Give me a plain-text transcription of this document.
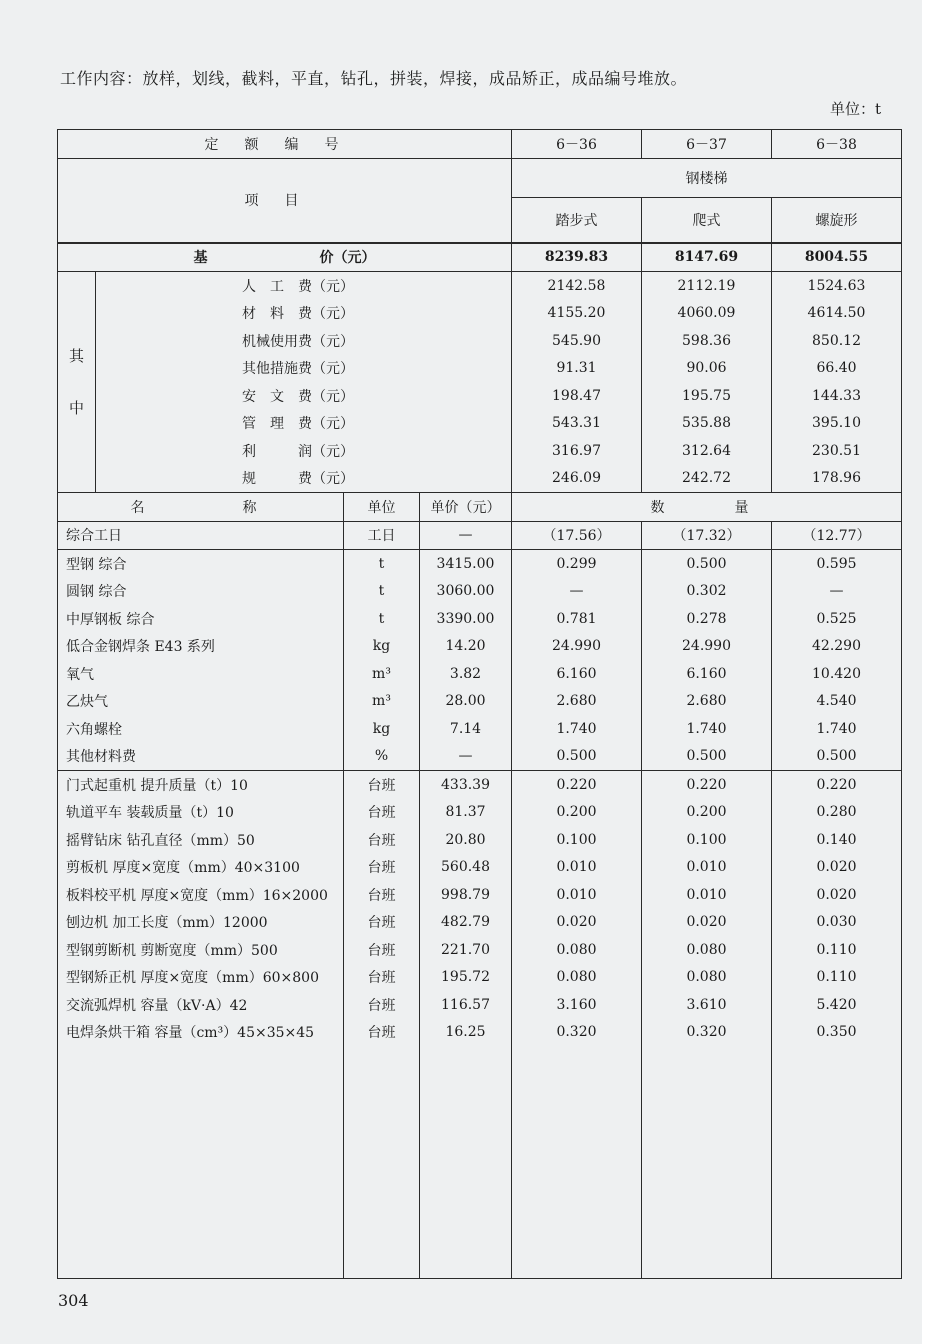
工作内容：放样，划线，截料，平直，钻孔，拼装，焊接，成品矫正，成品编号堆放。
单位：t
定额编号				6－36	6－37	6－38
项目				钢楼梯		
				踏步式	爬式	螺旋形
基 价（元）				8239.83	8147.69	8004.55

其
中	人　工　费（元）			2142.58	2112.19	1524.63
	材　料　费（元）			4155.20	4060.09	4614.50
	机械使用费（元）			545.90	598.36	850.12
	其他措施费（元）			91.31	90.06	66.40
	安　文　费（元）			198.47	195.75	144.33
	管　理　费（元）			543.31	535.88	395.10
	利　　　润（元）			316.97	312.64	230.51
	规　　　费（元）			246.09	242.72	178.96
名　　　称		单位	单价（元）	数　　量		
综合工日		工日	—	（17.56）	（17.32）	（12.77）
型钢 综合		t	3415.00	0.299	0.500	0.595
圆钢 综合		t	3060.00	—	0.302	—
中厚钢板 综合		t	3390.00	0.781	0.278	0.525
低合金钢焊条 E43 系列		kg	14.20	24.990	24.990	42.290
氧气		m³	3.82	6.160	6.160	10.420
乙炔气		m³	28.00	2.680	2.680	4.540
六角螺栓		kg	7.14	1.740	1.740	1.740
其他材料费		%	—	0.500	0.500	0.500
门式起重机 提升质量（t）10		台班	433.39	0.220	0.220	0.220
轨道平车 装载质量（t）10		台班	81.37	0.200	0.200	0.280
摇臂钻床 钻孔直径（mm）50		台班	20.80	0.100	0.100	0.140
剪板机 厚度×宽度（mm）40×3100		台班	560.48	0.010	0.010	0.020
板料校平机 厚度×宽度（mm）16×2000		台班	998.79	0.010	0.010	0.020
刨边机 加工长度（mm）12000		台班	482.79	0.020	0.020	0.030
型钢剪断机 剪断宽度（mm）500		台班	221.70	0.080	0.080	0.110
型钢矫正机 厚度×宽度（mm）60×800		台班	195.72	0.080	0.080	0.110
交流弧焊机 容量（kV·A）42		台班	116.57	3.160	3.610	5.420
电焊条烘干箱 容量（cm³）45×35×45		台班	16.25	0.320	0.320	0.350

304
